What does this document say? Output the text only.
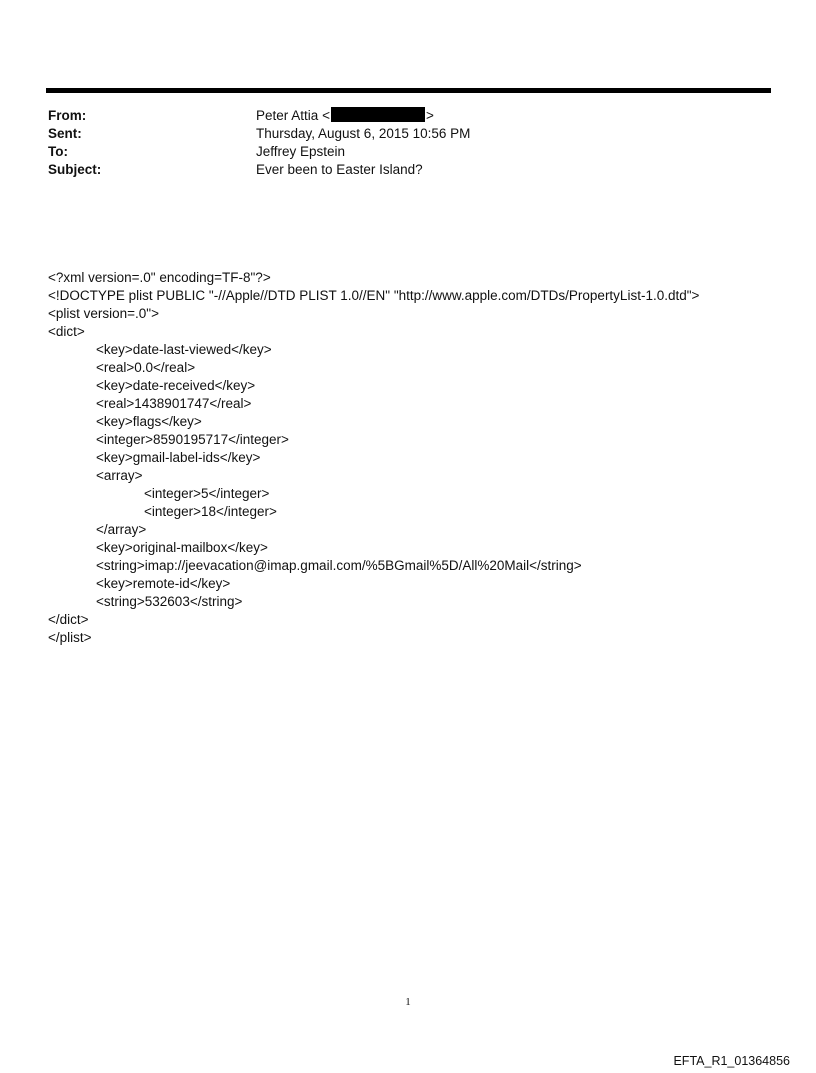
From:	Peter Attia <	>
Sent:	Thursday, August 6, 2015 10:56 PM
To:	Jeffrey Epstein
Subject:	Ever been to Easter Island?
<?xml version=.0" encoding=TF-8"?>
<!DOCTYPE plist PUBLIC "-//Apple//DTD PLIST 1.0//EN" "http://www.apple.com/DTDs/PropertyList-1.0.dtd">
<plist version=.0">
<dict>
<key>date-last-viewed</key>
<real>0.0</real>
<key>date-received</key>
<real>1438901747</real>
<key>flags</key>
<integer>8590195717</integer>
<key>gmail-label-ids</key>
<array>
<integer>5</integer>
<integer>18</integer>
</array>
<key>original-mailbox</key>
<string>imap://jeevacation@imap.gmail.com/%5BGmail%5D/All%20Mail</string>
<key>remote-id</key>
<string>532603</string>
</dict>
</plist>
1
EFTA_R1_01364856
